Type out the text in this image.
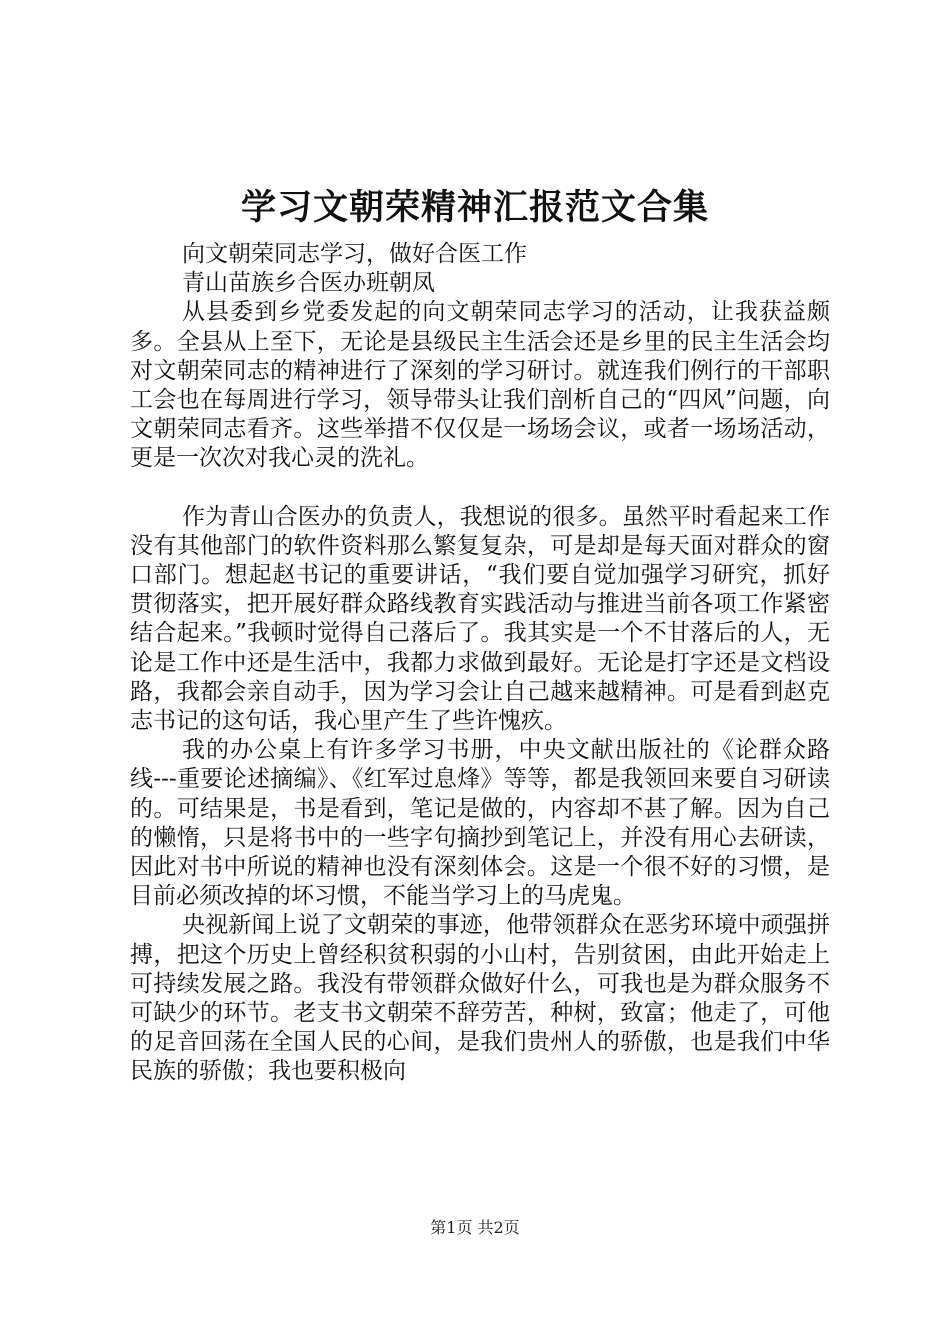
学习文朝荣精神汇报范文合集
向文朝荣同志学习，做好合医工作
青山苗族乡合医办班朝凤

从县委到乡党委发起的向文朝荣同志学习的活动，让我获益颇多。全县从上至下，无论是县级民主生活会还是乡里的民主生活会均对文朝荣同志的精神进行了深刻的学习研讨。就连我们例行的干部职工会也在每周进行学习，领导带头让我们剖析自己的“四风”问题，向文朝荣同志看齐。这些举措不仅仅是一场场会议，或者一场场活动，更是一次次对我心灵的洗礼。

作为青山合医办的负责人，我想说的很多。虽然平时看起来工作没有其他部门的软件资料那么繁复复杂，可是却是每天面对群众的窗口部门。想起赵书记的重要讲话，“我们要自觉加强学习研究，抓好贯彻落实，把开展好群众路线教育实践活动与推进当前各项工作紧密结合起来。”我顿时觉得自己落后了。我其实是一个不甘落后的人，无论是工作中还是生活中，我都力求做到最好。无论是打字还是文档设路，我都会亲自动手，因为学习会让自己越来越精神。可是看到赵克志书记的这句话，我心里产生了些许愧疚。

我的办公桌上有许多学习书册，中央文献出版社的《论群众路线---重要论述摘编》、《红军过息烽》等等，都是我领回来要自习研读的。可结果是，书是看到，笔记是做的，内容却不甚了解。因为自己的懒惰，只是将书中的一些字句摘抄到笔记上，并没有用心去研读，因此对书中所说的精神也没有深刻体会。这是一个很不好的习惯，是目前必须改掉的坏习惯，不能当学习上的马虎鬼。

央视新闻上说了文朝荣的事迹，他带领群众在恶劣环境中顽强拼搏，把这个历史上曾经积贫积弱的小山村，告别贫困，由此开始走上可持续发展之路。我没有带领群众做好什么，可我也是为群众服务不可缺少的环节。老支书文朝荣不辞劳苦，种树，致富；他走了，可他的足音回荡在全国人民的心间，是我们贵州人的骄傲，也是我们中华民族的骄傲；我也要积极向

第1页 共2页
